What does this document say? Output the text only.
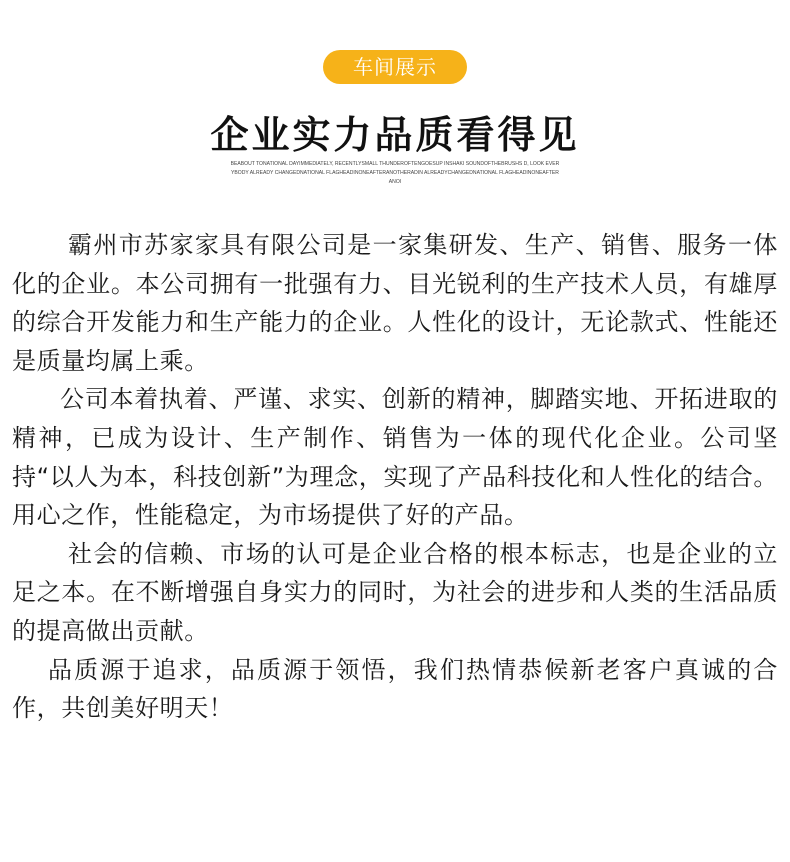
车间展示
企业实力品质看得见
BEABOUT TONATIONAL DAYIMMEDIATELY, RECENTLYSMALL THUNDEROFTENGOESUP INSHAKI SOUNDOFTHEBRUSHS D, LOOK EVERYBODY ALREADY CHANGEDNATIONAL FLAGHEADINONEAFTERANOTHERADIN ALREADYCHANGEDNATIONAL FLAGHEADINONEAFTERANOI

霸州市苏家家具有限公司是一家集研发、生产、销售、服务一体化的企业。本公司拥有一批强有力、目光锐利的生产技术人员，有雄厚的综合开发能力和生产能力的企业。人性化的设计，无论款式、性能还是质量均属上乘。

公司本着执着、严谨、求实、创新的精神，脚踏实地、开拓进取的精神，已成为设计、生产制作、销售为一体的现代化企业。公司坚持“以人为本，科技创新”为理念，实现了产品科技化和人性化的结合。用心之作，性能稳定，为市场提供了好的产品。

社会的信赖、市场的认可是企业合格的根本标志，也是企业的立足之本。在不断增强自身实力的同时，为社会的进步和人类的生活品质的提高做出贡献。

品质源于追求，品质源于领悟，我们热情恭候新老客户真诚的合作，共创美好明天！
